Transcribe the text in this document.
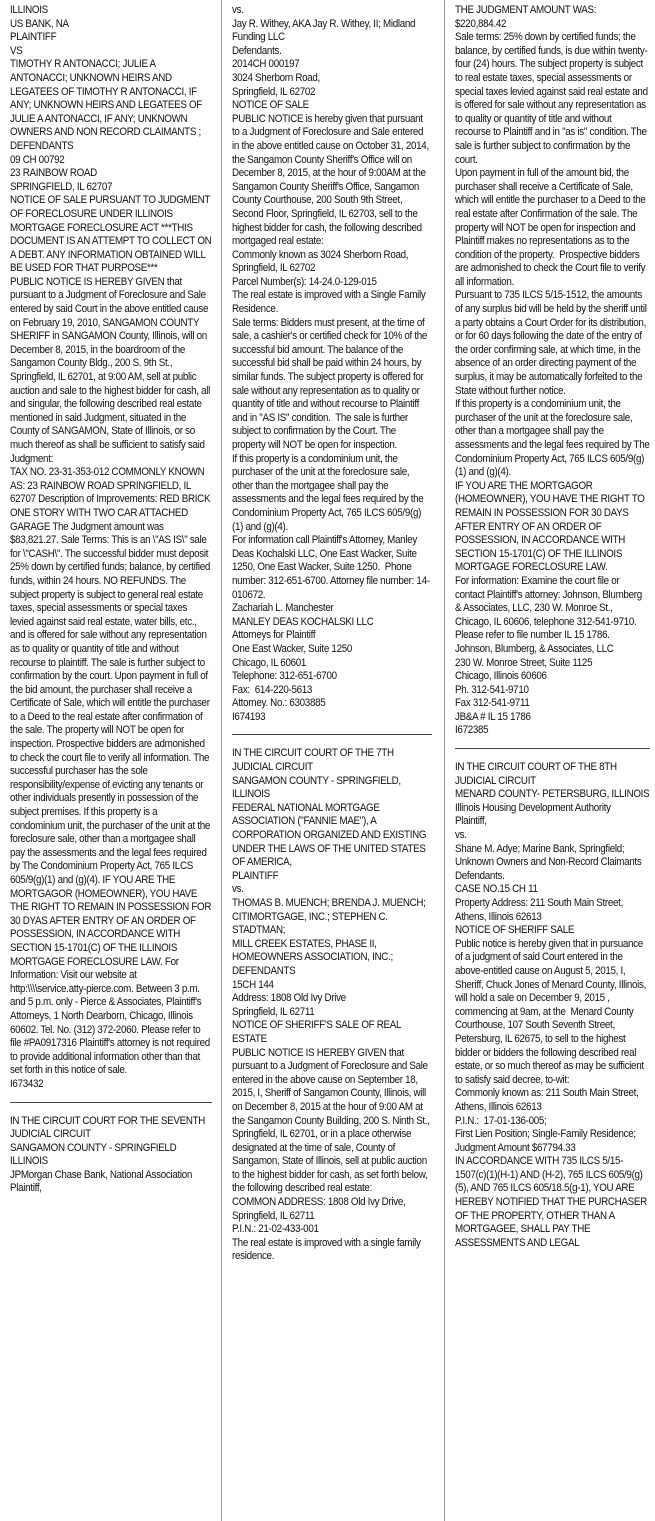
ILLINOIS

US BANK, NA

PLAINTIFF

VS

TIMOTHY R ANTONACCI; JULIE A ANTONACCI; UNKNOWN HEIRS AND LEGATEES OF TIMOTHY R ANTONACCI, IF ANY; UNKNOWN HEIRS AND LEGATEES OF JULIE A ANTONACCI, IF ANY; UNKNOWN OWNERS AND NON RECORD CLAIMANTS ;

DEFENDANTS

09 CH 00792

23 RAINBOW ROAD

SPRINGFIELD, IL 62707

NOTICE OF SALE PURSUANT TO JUDGMENT OF FORECLOSURE UNDER ILLINOIS MORTGAGE FORECLOSURE ACT ***THIS DOCUMENT IS AN ATTEMPT TO COLLECT ON A DEBT. ANY INFORMATION OBTAINED WILL BE USED FOR THAT PURPOSE***

PUBLIC NOTICE IS HEREBY GIVEN that pursuant to a Judgment of Foreclosure and Sale entered by said Court in the above entitled cause on February 19, 2010, SANGAMON COUNTY SHERIFF in SANGAMON County, Illinois, will on December 8, 2015, in the boardroom of the Sangamon County Bldg., 200 S. 9th St., Springfield, IL 62701, at 9:00 AM, sell at public auction and sale to the highest bidder for cash, all and singular, the following described real estate mentioned in said Judgment, situated in the County of SANGAMON, State of Illinois, or so much thereof as shall be sufficient to satisfy said Judgment:

TAX NO. 23-31-353-012 COMMONLY KNOWN AS: 23 RAINBOW ROAD SPRINGFIELD, IL 62707 Description of Improvements: RED BRICK ONE STORY WITH TWO CAR ATTACHED GARAGE The Judgment amount was $83,821.27. Sale Terms: This is an \"AS IS\" sale for \"CASH\". The successful bidder must deposit 25% down by certified funds; balance, by certified funds, within 24 hours. NO REFUNDS. The subject property is subject to general real estate taxes, special assessments or special taxes levied against said real estate, water bills, etc., and is offered for sale without any representation as to quality or quantity of title and without recourse to plaintiff. The sale is further subject to confirmation by the court. Upon payment in full of the bid amount, the purchaser shall receive a Certificate of Sale, which will entitle the purchaser to a Deed to the real estate after confirmation of the sale. The property will NOT be open for inspection. Prospective bidders are admonished to check the court file to verify all information. The successful purchaser has the sole responsibility/expense of evicting any tenants or other individuals presently in possession of the subject premises. If this property is a condominium unit, the purchaser of the unit at the foreclosure sale, other than a mortgagee shall pay the assessments and the legal fees required by The Condominium Property Act, 765 ILCS 605/9(g)(1) and (g)(4). IF YOU ARE THE MORTGAGOR (HOMEOWNER), YOU HAVE THE RIGHT TO REMAIN IN POSSESSION FOR 30 DYAS AFTER ENTRY OF AN ORDER OF POSSESSION, IN ACCORDANCE WITH SECTION 15-1701(C) OF THE ILLINOIS MORTGAGE FORECLOSURE LAW. For Information: Visit our website at http:\\\\service.atty-pierce.com. Between 3 p.m. and 5 p.m. only - Pierce & Associates, Plaintiff's Attorneys, 1 North Dearborn, Chicago, Illinois 60602. Tel. No. (312) 372-2060. Please refer to file #PA0917316 Plaintiff's attorney is not required to provide additional information other than that set forth in this notice of sale.

I673432

IN THE CIRCUIT COURT FOR THE SEVENTH JUDICIAL CIRCUIT

SANGAMON COUNTY - SPRINGFIELD ILLINOIS

JPMorgan Chase Bank, National Association

Plaintiff,

vs.

Jay R. Withey, AKA Jay R. Withey, II; Midland Funding LLC

Defendants.

2014CH 000197

3024 Sherborn Road,

Springfield, IL 62702

NOTICE OF SALE

PUBLIC NOTICE is hereby given that pursuant to a Judgment of Foreclosure and Sale entered in the above entitled cause on October 31, 2014,  the Sangamon County Sheriff's Office will on December 8, 2015, at the hour of 9:00AM at the Sangamon County Sheriff's Office, Sangamon County Courthouse, 200 South 9th Street, Second Floor, Springfield, IL 62703, sell to the highest bidder for cash, the following described mortgaged real estate:

Commonly known as 3024 Sherborn Road, Springfield, IL 62702

Parcel Number(s): 14-24.0-129-015

The real estate is improved with a Single Family Residence.

Sale terms: Bidders must present, at the time of sale, a cashier's or certified check for 10% of the successful bid amount. The balance of the successful bid shall be paid within 24 hours, by similar funds. The subject property is offered for sale without any representation as to quality or quantity of title and without recourse to Plaintiff and in "AS IS" condition.  The sale is further subject to confirmation by the Court. The property will NOT be open for inspection.

If this property is a condominium unit, the purchaser of the unit at the foreclosure sale, other than the mortgagee shall pay the assessments and the legal fees required by the Condominium Property Act, 765 ILCS 605/9(g)(1) and (g)(4).

For information call Plaintiff's Attorney, Manley Deas Kochalski LLC, One East Wacker, Suite 1250, One East Wacker, Suite 1250.  Phone number: 312-651-6700. Attorney file number: 14-010672.

Zachariah L. Manchester

MANLEY DEAS KOCHALSKI LLC

Attorneys for Plaintiff

One East Wacker, Suite 1250

Chicago, IL 60601

Telephone: 312-651-6700

Fax:  614-220-5613

Attorney. No.: 6303885

I674193

IN THE CIRCUIT COURT OF THE 7TH JUDICIAL CIRCUIT

SANGAMON COUNTY - SPRINGFIELD, ILLINOIS

FEDERAL NATIONAL MORTGAGE ASSOCIATION ("FANNIE MAE"), A CORPORATION ORGANIZED AND EXISTING UNDER THE LAWS OF THE UNITED STATES OF AMERICA,

PLAINTIFF

vs.

THOMAS B. MUENCH; BRENDA J. MUENCH; CITIMORTGAGE, INC.; STEPHEN C. STADTMAN;

MILL CREEK ESTATES, PHASE II, HOMEOWNERS ASSOCIATION, INC.;

DEFENDANTS

15CH 144

Address: 1808 Old Ivy Drive

Springfield, IL 62711

NOTICE OF SHERIFF'S SALE OF REAL ESTATE

PUBLIC NOTICE IS HEREBY GIVEN that pursuant to a Judgment of Foreclosure and Sale entered in the above cause on September 18, 2015, I, Sheriff of Sangamon County, Illinois, will on December 8, 2015 at the hour of 9:00 AM at the Sangamon County Building, 200 S. Ninth St., Springfield, IL 62701, or in a place otherwise designated at the time of sale, County of Sangamon, State of Illinois, sell at public auction to the highest bidder for cash, as set forth below, the following described real estate:

COMMON ADDRESS: 1808 Old Ivy Drive, Springfield, IL 62711

P.I.N.: 21-02-433-001

The real estate is improved with a single family residence.

THE JUDGMENT AMOUNT WAS: $220,884.42

Sale terms: 25% down by certified funds; the balance, by certified funds, is due within twenty-four (24) hours. The subject property is subject to real estate taxes, special assessments or special taxes levied against said real estate and is offered for sale without any representation as to quality or quantity of title and without recourse to Plaintiff and in "as is" condition. The sale is further subject to confirmation by the court.

Upon payment in full of the amount bid, the purchaser shall receive a Certificate of Sale, which will entitle the purchaser to a Deed to the real estate after Confirmation of the sale. The property will NOT be open for inspection and Plaintiff makes no representations as to the condition of the property.  Prospective bidders are admonished to check the Court file to verify all information.

Pursuant to 735 ILCS 5/15-1512, the amounts of any surplus bid will be held by the sheriff until a party obtains a Court Order for its distribution, or for 60 days following the date of the entry of the order confirming sale, at which time, in the absence of an order directing payment of the surplus, it may be automatically forfeited to the State without further notice.

If this property is a condominium unit, the purchaser of the unit at the foreclosure sale, other than a mortgagee shall pay the assessments and the legal fees required by The Condominium Property Act, 765 ILCS 605/9(g)(1) and (g)(4).

IF YOU ARE THE MORTGAGOR (HOMEOWNER), YOU HAVE THE RIGHT TO REMAIN IN POSSESSION FOR 30 DAYS AFTER ENTRY OF AN ORDER OF POSSESSION, IN ACCORDANCE WITH SECTION 15-1701(C) OF THE ILLINOIS MORTGAGE FORECLOSURE LAW.

For information: Examine the court file or contact Plaintiff's attorney: Johnson, Blumberg & Associates, LLC, 230 W. Monroe St., Chicago, IL 60606, telephone 312-541-9710.  Please refer to file number IL 15 1786.

Johnson, Blumberg, & Associates, LLC

230 W. Monroe Street, Suite 1125

Chicago, Illinois 60606

Ph. 312-541-9710

Fax 312-541-9711

JB&A # IL 15 1786

I672385

IN THE CIRCUIT COURT OF THE 8TH JUDICIAL CIRCUIT

MENARD COUNTY- PETERSBURG, ILLINOIS

Illinois Housing Development Authority

Plaintiff,

vs.

Shane M. Adye; Marine Bank, Springfield; Unknown Owners and Non-Record Claimants

Defendants.

CASE NO.15 CH 11

Property Address: 211 South Main Street, Athens, Illinois 62613

NOTICE OF SHERIFF SALE

Public notice is hereby given that in pursuance of a judgment of said Court entered in the above-entitled cause on August 5, 2015, I, Sheriff, Chuck Jones of Menard County, Illinois, will hold a sale on December 9, 2015 , commencing at 9am, at the  Menard County Courthouse, 107 South Seventh Street, Petersburg, IL 62675, to sell to the highest bidder or bidders the following described real estate, or so much thereof as may be sufficient to satisfy said decree, to-wit:

Commonly known as: 211 South Main Street, Athens, Illinois 62613

P.I.N.:  17-01-136-005;

First Lien Position; Single-Family Residence; Judgment Amount $67794.33

IN ACCORDANCE WITH 735 ILCS 5/15-1507(c)(1)(H-1) AND (H-2), 765 ILCS 605/9(g)(5), AND 765 ILCS 605/18.5(g-1), YOU ARE HEREBY NOTIFIED THAT THE PURCHASER OF THE PROPERTY, OTHER THAN A MORTGAGEE, SHALL PAY THE ASSESSMENTS AND LEGAL
